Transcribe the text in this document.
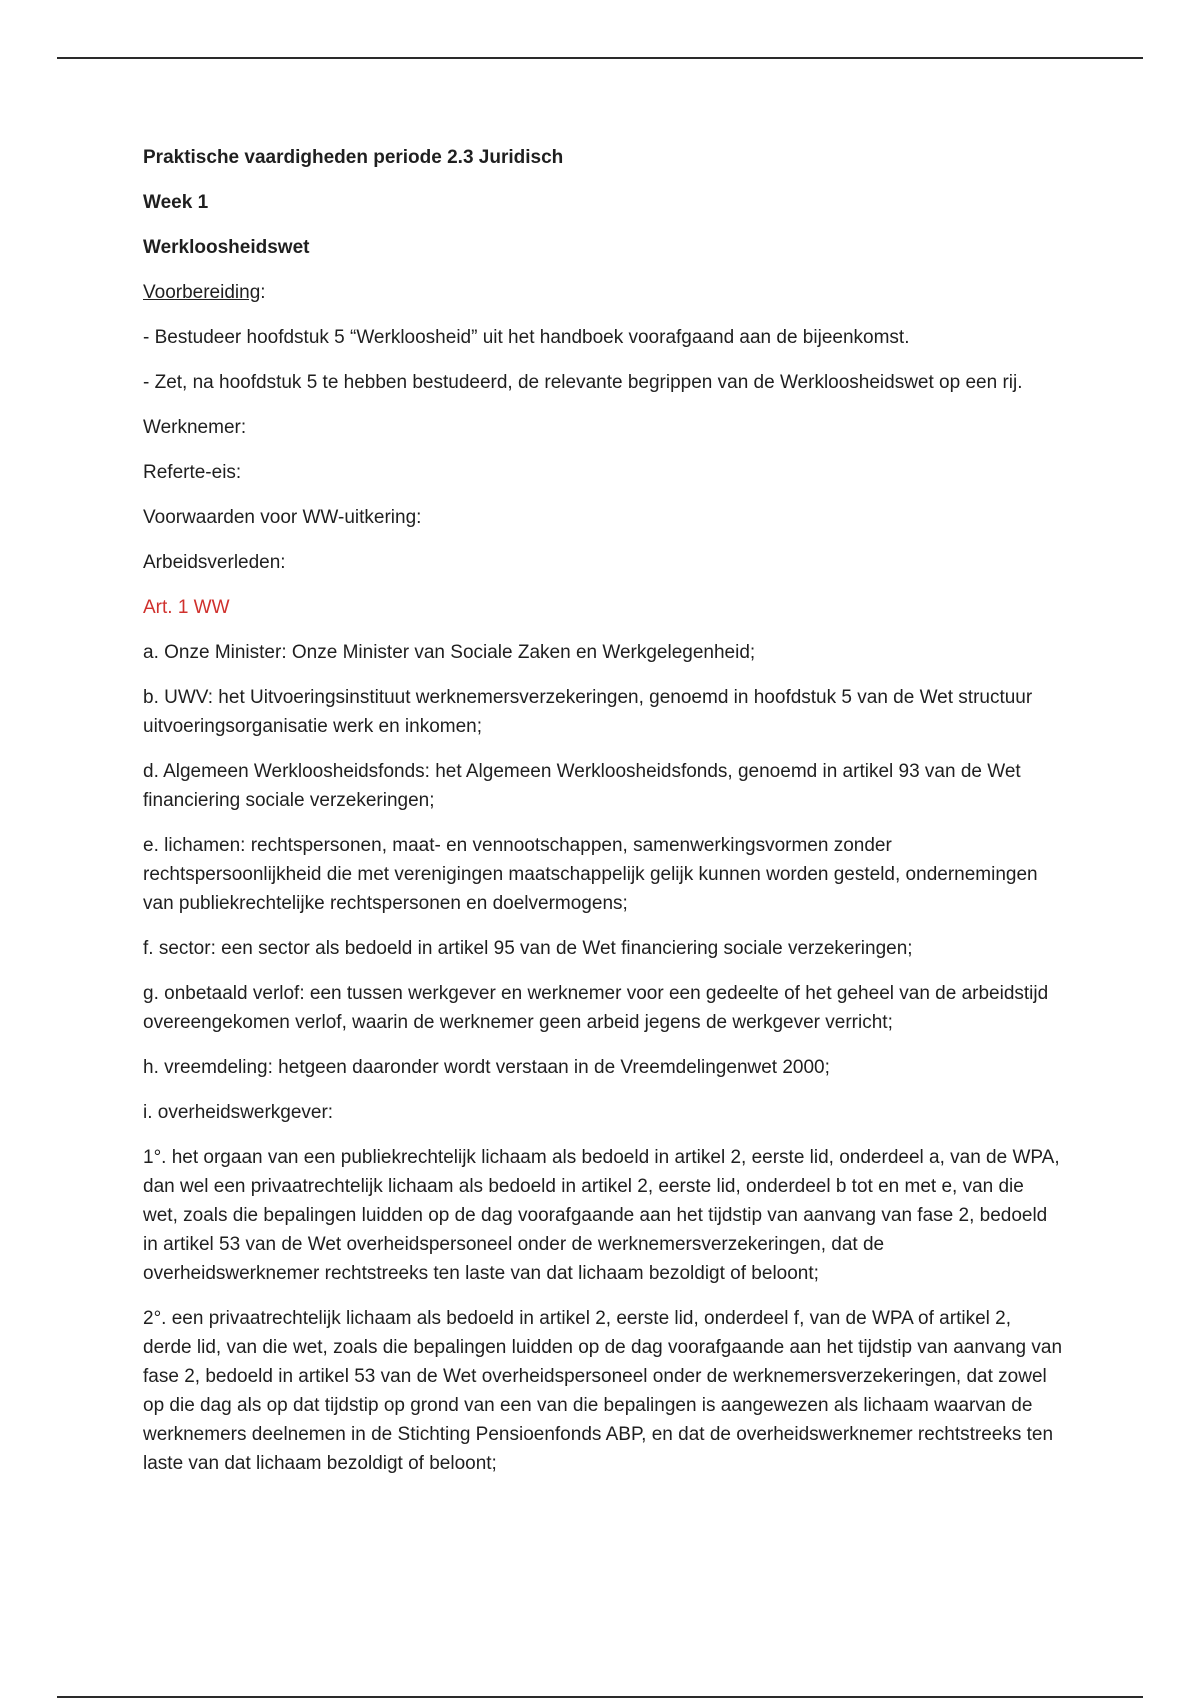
Praktische vaardigheden periode 2.3 Juridisch

Week 1

Werkloosheidswet

Voorbereiding:

- Bestudeer hoofdstuk 5 “Werkloosheid” uit het handboek voorafgaand aan de bijeenkomst.

- Zet, na hoofdstuk 5 te hebben bestudeerd, de relevante begrippen van de Werkloosheidswet op een rij.

Werknemer:

Referte-eis:

Voorwaarden voor WW-uitkering:

Arbeidsverleden:

Art. 1 WW

a. Onze Minister: Onze Minister van Sociale Zaken en Werkgelegenheid;

b. UWV: het Uitvoeringsinstituut werknemersverzekeringen, genoemd in hoofdstuk 5 van de Wet structuur uitvoeringsorganisatie werk en inkomen;

d. Algemeen Werkloosheidsfonds: het Algemeen Werkloosheidsfonds, genoemd in artikel 93 van de Wet financiering sociale verzekeringen;

e. lichamen: rechtspersonen, maat- en vennootschappen, samenwerkingsvormen zonder rechtspersoonlijkheid die met verenigingen maatschappelijk gelijk kunnen worden gesteld, ondernemingen van publiekrechtelijke rechtspersonen en doelvermogens;

f. sector: een sector als bedoeld in artikel 95 van de Wet financiering sociale verzekeringen;

g. onbetaald verlof: een tussen werkgever en werknemer voor een gedeelte of het geheel van de arbeidstijd overeengekomen verlof, waarin de werknemer geen arbeid jegens de werkgever verricht;

h. vreemdeling: hetgeen daaronder wordt verstaan in de Vreemdelingenwet 2000;

i. overheidswerkgever:

1°. het orgaan van een publiekrechtelijk lichaam als bedoeld in artikel 2, eerste lid, onderdeel a, van de WPA, dan wel een privaatrechtelijk lichaam als bedoeld in artikel 2, eerste lid, onderdeel b tot en met e, van die wet, zoals die bepalingen luidden op de dag voorafgaande aan het tijdstip van aanvang van fase 2, bedoeld in artikel 53 van de Wet overheidspersoneel onder de werknemersverzekeringen, dat de overheidswerknemer rechtstreeks ten laste van dat lichaam bezoldigt of beloont;

2°. een privaatrechtelijk lichaam als bedoeld in artikel 2, eerste lid, onderdeel f, van de WPA of artikel 2, derde lid, van die wet, zoals die bepalingen luidden op de dag voorafgaande aan het tijdstip van aanvang van fase 2, bedoeld in artikel 53 van de Wet overheidspersoneel onder de werknemersverzekeringen, dat zowel op die dag als op dat tijdstip op grond van een van die bepalingen is aangewezen als lichaam waarvan de werknemers deelnemen in de Stichting Pensioenfonds ABP, en dat de overheidswerknemer rechtstreeks ten laste van dat lichaam bezoldigt of beloont;
